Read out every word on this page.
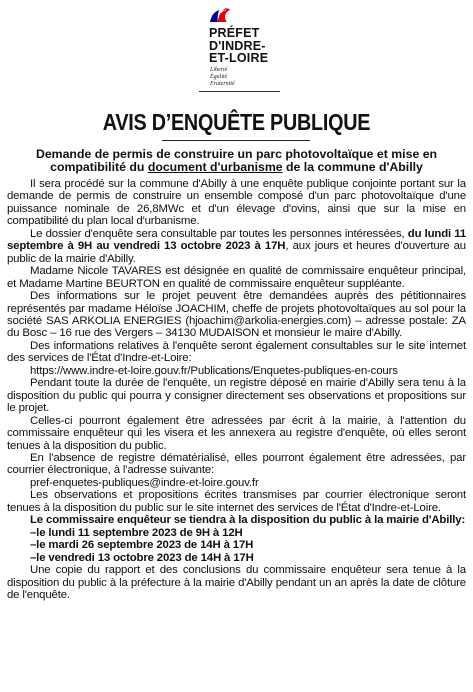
PRÉFET
D'INDRE-
ET-LOIRE
Liberté
Égalité
Fraternité
AVIS D’ENQUÊTE PUBLIQUE
Demande de permis de construire un parc photovoltaïque et mise en
compatibilité du document d'urbanisme de la commune d'Abilly

Il sera procédé sur la commune d'Abilly à une enquête publique conjointe portant sur la demande de permis de construire un ensemble composé d'un parc photovoltaïque d'une puissance nominale de 26,8MWc et d'un élevage d'ovins, ainsi que sur la mise en compatibilité du plan local d'urbanisme.

Le dossier d'enquête sera consultable par toutes les personnes intéressées, du lundi 11 septembre à 9H au vendredi 13 octobre 2023 à 17H, aux jours et heures d'ouverture au public de la mairie d'Abilly.

Madame Nicole TAVARES est désignée en qualité de commissaire enquêteur principal, et Madame Martine BEURTON en qualité de commissaire enquêteur suppléante.

Des informations sur le projet peuvent être demandées auprès des pétitionnaires représentés par madame Héloïse JOACHIM, cheffe de projets photovoltaïques au sol pour la société SAS ARKOLIA ENERGIES (hjoachim@arkolia-energies.com) – adresse postale: ZA du Bosc – 16 rue des Vergers – 34130 MUDAISON et monsieur le maire d'Abilly.

Des informations relatives à l'enquête seront également consultables sur le site internet des services de l'État d'Indre-et-Loire:

https://www.indre-et-loire.gouv.fr/Publications/Enquetes-publiques-en-cours

Pendant toute la durée de l'enquête, un registre déposé en mairie d'Abilly sera tenu à la disposition du public qui pourra y consigner directement ses observations et propositions sur le projet.

Celles-ci pourront également être adressées par écrit à la mairie, à l'attention du commissaire enquêteur qui les visera et les annexera au registre d'enquête, où elles seront tenues à la disposition du public.

En l'absence de registre dématérialisé, elles pourront également être adressées, par courrier électronique, à l'adresse suivante:

pref-enquetes-publiques@indre-et-loire.gouv.fr

Les observations et propositions écrites transmises par courrier électronique seront tenues à la disposition du public sur le site internet des services de l'État d'Indre-et-Loire.

Le commissaire enquêteur se tiendra à la disposition du public à la mairie d'Abilly:

–le lundi 11 septembre 2023 de 9H à 12H
–le mardi 26 septembre 2023 de 14H à 17H
–le vendredi 13 octobre 2023 de 14H à 17H

Une copie du rapport et des conclusions du commissaire enquêteur sera tenue à la disposition du public à la préfecture à la mairie d'Abilly pendant un an après la date de clôture de l'enquête.
